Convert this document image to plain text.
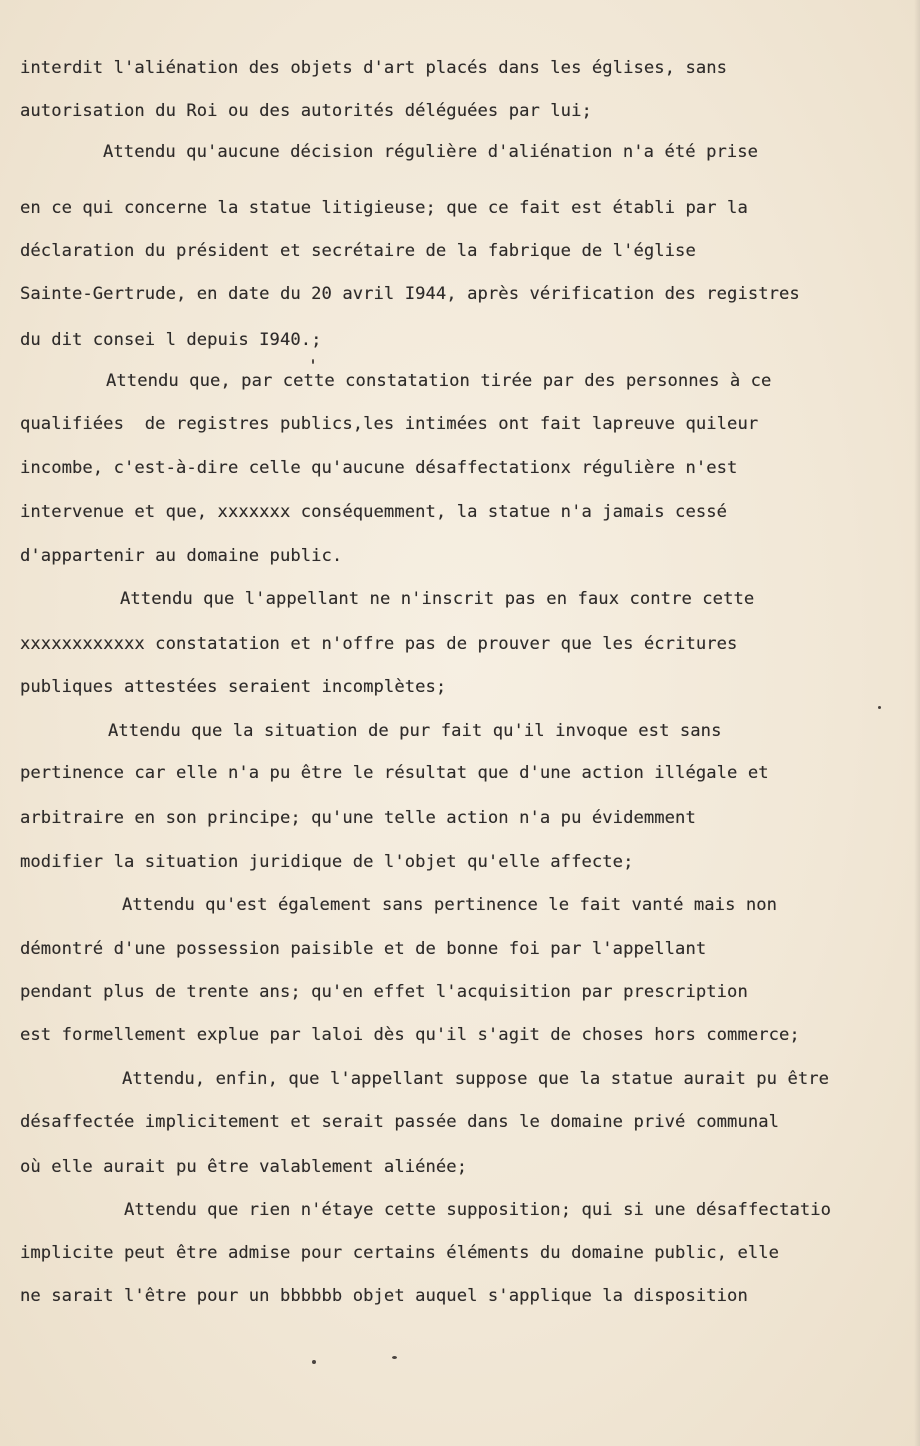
interdit l'aliénation des objets d'art placés dans les églises, sans
autorisation du Roi ou des autorités déléguées par lui;
Attendu qu'aucune décision régulière d'aliénation n'a été prise
en ce qui concerne la statue litigieuse; que ce fait est établi par la
déclaration du président et secrétaire de la fabrique de l'église
Sainte-Gertrude, en date du 20 avril I944, après vérification des registres
du dit consei l depuis I940.;
Attendu que, par cette constatation tirée par des personnes à ce
qualifiées  de registres publics,les intimées ont fait lapreuve quileur
incombe, c'est-à-dire celle qu'aucune désaffectationx régulière n'est
intervenue et que, xxxxxxx conséquemment, la statue n'a jamais cessé
d'appartenir au domaine public.
Attendu que l'appellant ne n'inscrit pas en faux contre cette
xxxxxxxxxxxx constatation et n'offre pas de prouver que les écritures
publiques attestées seraient incomplètes;
Attendu que la situation de pur fait qu'il invoque est sans
pertinence car elle n'a pu être le résultat que d'une action illégale et
arbitraire en son principe; qu'une telle action n'a pu évidemment
modifier la situation juridique de l'objet qu'elle affecte;
Attendu qu'est également sans pertinence le fait vanté mais non
démontré d'une possession paisible et de bonne foi par l'appellant
pendant plus de trente ans; qu'en effet l'acquisition par prescription
est formellement explue par laloi dès qu'il s'agit de choses hors commerce;
Attendu, enfin, que l'appellant suppose que la statue aurait pu être
désaffectée implicitement et serait passée dans le domaine privé communal
où elle aurait pu être valablement aliénée;
Attendu que rien n'étaye cette supposition; qui si une désaffectatio
implicite peut être admise pour certains éléments du domaine public, elle
ne sarait l'être pour un bbbbbb objet auquel s'applique la disposition
